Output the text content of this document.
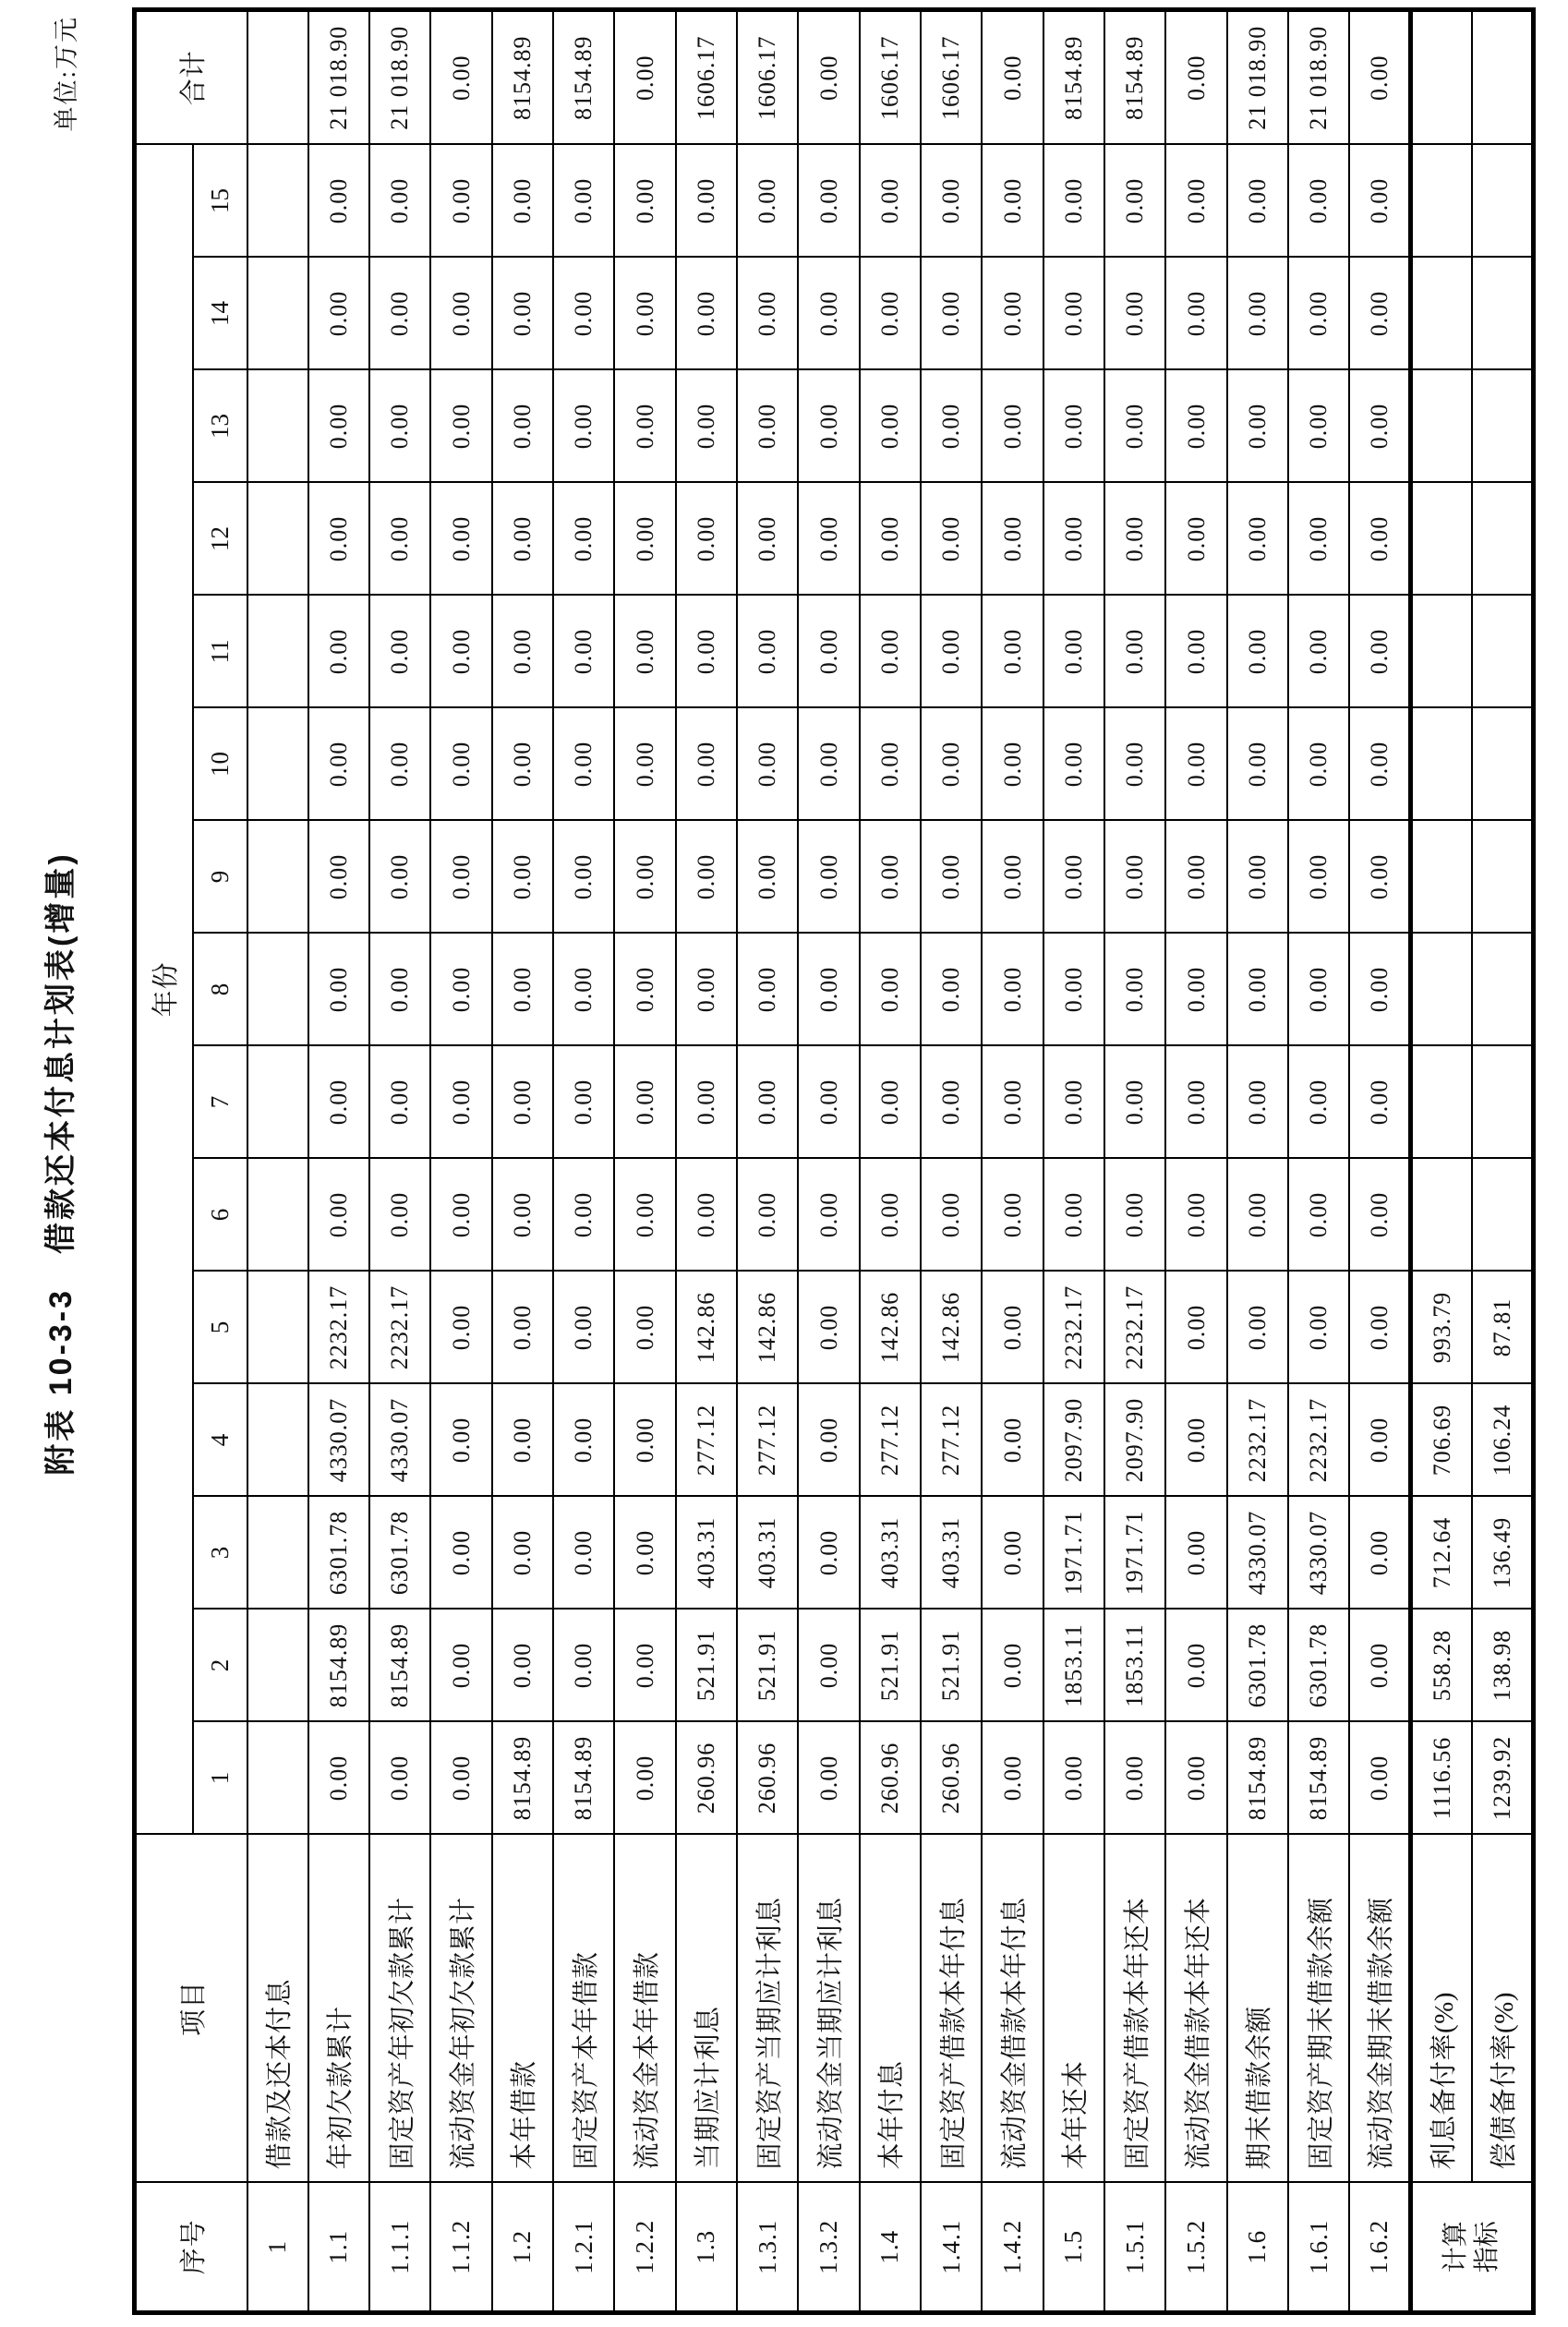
附表 10-3-3　借款还本付息计划表(增量)
单位:万元
序号	项目	年份															合计
		1	2	3	4	5	6	7	8	9	10	11	12	13	14	15	
1	借款及还本付息																
1.1	年初欠款累计	0.00	8154.89	6301.78	4330.07	2232.17	0.00	0.00	0.00	0.00	0.00	0.00	0.00	0.00	0.00	0.00	21 018.90
1.1.1	固定资产年初欠款累计	0.00	8154.89	6301.78	4330.07	2232.17	0.00	0.00	0.00	0.00	0.00	0.00	0.00	0.00	0.00	0.00	21 018.90
1.1.2	流动资金年初欠款累计	0.00	0.00	0.00	0.00	0.00	0.00	0.00	0.00	0.00	0.00	0.00	0.00	0.00	0.00	0.00	0.00
1.2	本年借款	8154.89	0.00	0.00	0.00	0.00	0.00	0.00	0.00	0.00	0.00	0.00	0.00	0.00	0.00	0.00	8154.89
1.2.1	固定资产本年借款	8154.89	0.00	0.00	0.00	0.00	0.00	0.00	0.00	0.00	0.00	0.00	0.00	0.00	0.00	0.00	8154.89
1.2.2	流动资金本年借款	0.00	0.00	0.00	0.00	0.00	0.00	0.00	0.00	0.00	0.00	0.00	0.00	0.00	0.00	0.00	0.00
1.3	当期应计利息	260.96	521.91	403.31	277.12	142.86	0.00	0.00	0.00	0.00	0.00	0.00	0.00	0.00	0.00	0.00	1606.17
1.3.1	固定资产当期应计利息	260.96	521.91	403.31	277.12	142.86	0.00	0.00	0.00	0.00	0.00	0.00	0.00	0.00	0.00	0.00	1606.17
1.3.2	流动资金当期应计利息	0.00	0.00	0.00	0.00	0.00	0.00	0.00	0.00	0.00	0.00	0.00	0.00	0.00	0.00	0.00	0.00
1.4	本年付息	260.96	521.91	403.31	277.12	142.86	0.00	0.00	0.00	0.00	0.00	0.00	0.00	0.00	0.00	0.00	1606.17
1.4.1	固定资产借款本年付息	260.96	521.91	403.31	277.12	142.86	0.00	0.00	0.00	0.00	0.00	0.00	0.00	0.00	0.00	0.00	1606.17
1.4.2	流动资金借款本年付息	0.00	0.00	0.00	0.00	0.00	0.00	0.00	0.00	0.00	0.00	0.00	0.00	0.00	0.00	0.00	0.00
1.5	本年还本	0.00	1853.11	1971.71	2097.90	2232.17	0.00	0.00	0.00	0.00	0.00	0.00	0.00	0.00	0.00	0.00	8154.89
1.5.1	固定资产借款本年还本	0.00	1853.11	1971.71	2097.90	2232.17	0.00	0.00	0.00	0.00	0.00	0.00	0.00	0.00	0.00	0.00	8154.89
1.5.2	流动资金借款本年还本	0.00	0.00	0.00	0.00	0.00	0.00	0.00	0.00	0.00	0.00	0.00	0.00	0.00	0.00	0.00	0.00
1.6	期末借款余额	8154.89	6301.78	4330.07	2232.17	0.00	0.00	0.00	0.00	0.00	0.00	0.00	0.00	0.00	0.00	0.00	21 018.90
1.6.1	固定资产期末借款余额	8154.89	6301.78	4330.07	2232.17	0.00	0.00	0.00	0.00	0.00	0.00	0.00	0.00	0.00	0.00	0.00	21 018.90
1.6.2	流动资金期末借款余额	0.00	0.00	0.00	0.00	0.00	0.00	0.00	0.00	0.00	0.00	0.00	0.00	0.00	0.00	0.00	0.00

计算 指标	利息备付率(%)	1116.56	558.28	712.64	706.69	993.79											
	偿债备付率(%)	1239.92	138.98	136.49	106.24	87.81											
